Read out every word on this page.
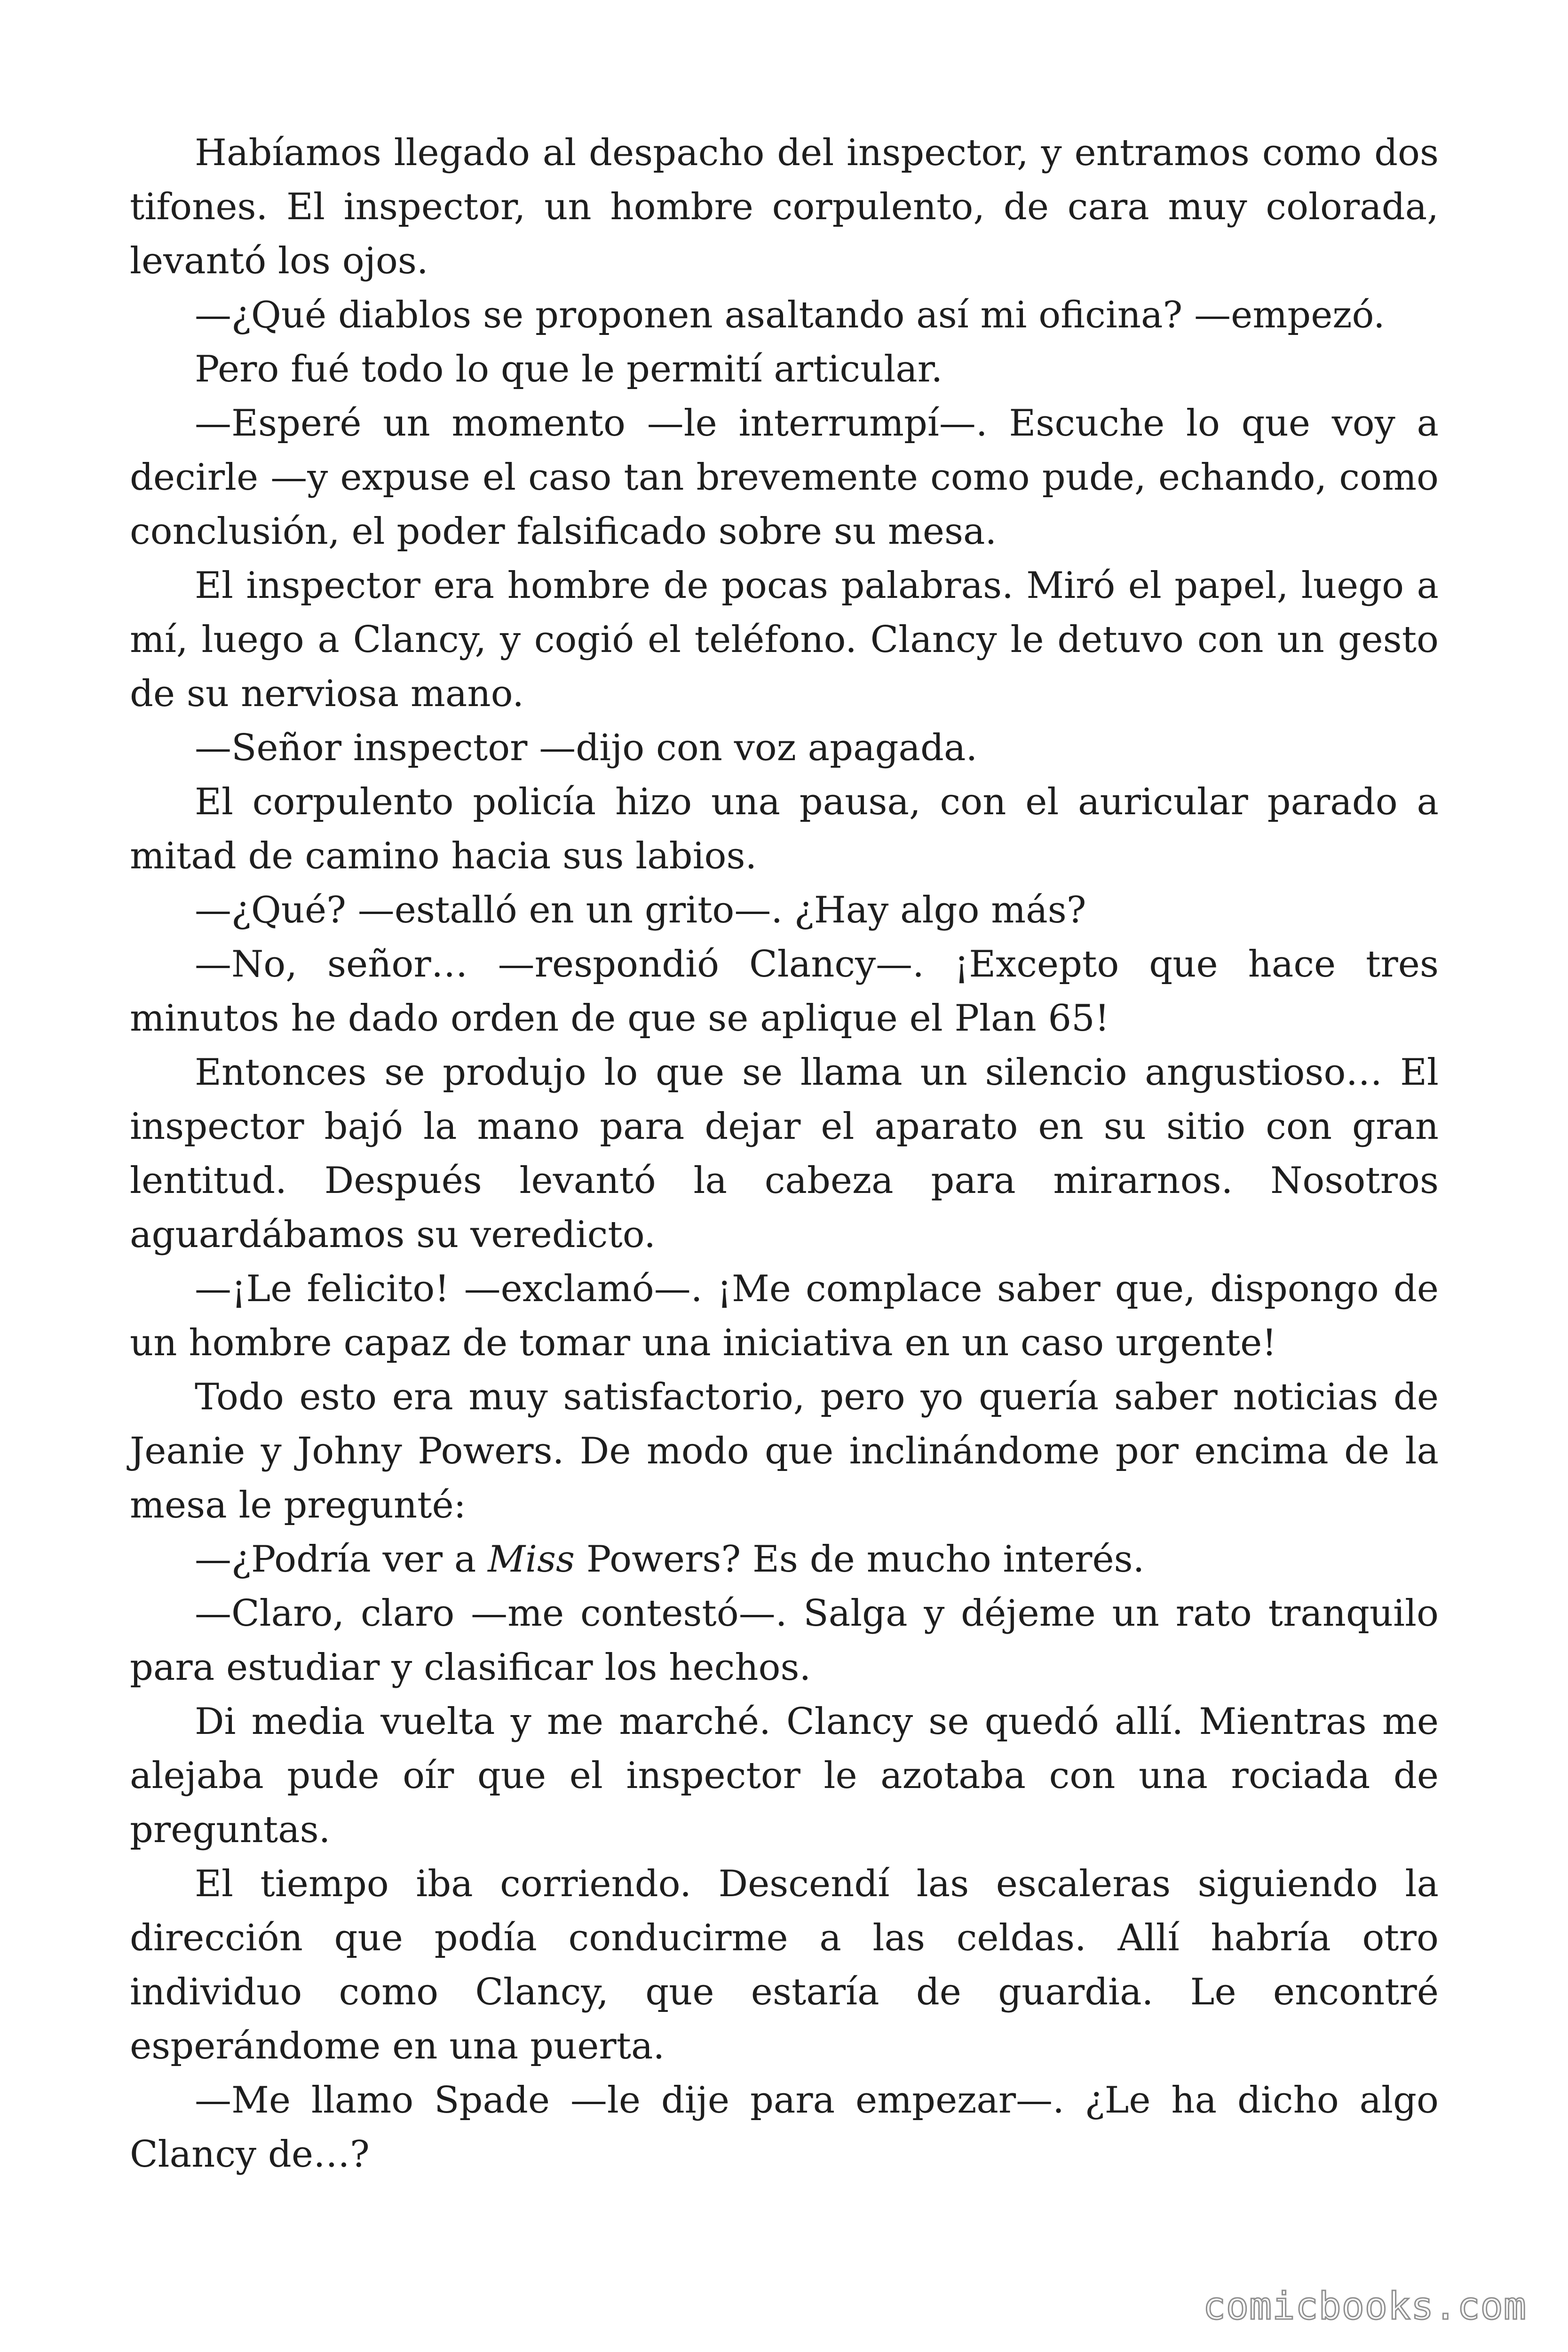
Habíamos llegado al despacho del inspector, y entramos como dos tifones. El inspector, un hombre corpulento, de cara muy colorada, levantó los ojos.

—¿Qué diablos se proponen asaltando así mi oficina? —empezó.

Pero fué todo lo que le permití articular.

—Esperé un momento —le interrumpí—. Escuche lo que voy a decirle —y expuse el caso tan brevemente como pude, echando, como conclusión, el poder falsificado sobre su mesa.

El inspector era hombre de pocas palabras. Miró el papel, luego a mí, luego a Clancy, y cogió el teléfono. Clancy le detuvo con un gesto de su nerviosa mano.

—Señor inspector —dijo con voz apagada.

El corpulento policía hizo una pausa, con el auricular parado a mitad de camino hacia sus labios.

—¿Qué? —estalló en un grito—. ¿Hay algo más?

—No, señor… —respondió Clancy—. ¡Excepto que hace tres minutos he dado orden de que se aplique el Plan 65!

Entonces se produjo lo que se llama un silencio angustioso… El inspector bajó la mano para dejar el aparato en su sitio con gran lentitud. Después levantó la cabeza para mirarnos. Nosotros aguardábamos su veredicto.

—¡Le felicito! —exclamó—. ¡Me complace saber que, dispongo de un hombre capaz de tomar una iniciativa en un caso urgente!

Todo esto era muy satisfactorio, pero yo quería saber noticias de Jeanie y Johny Powers. De modo que inclinándome por encima de la mesa le pregunté:

—¿Podría ver a Miss Powers? Es de mucho interés.

—Claro, claro —me contestó—. Salga y déjeme un rato tranquilo para estudiar y clasificar los hechos.

Di media vuelta y me marché. Clancy se quedó allí. Mientras me alejaba pude oír que el inspector le azotaba con una rociada de preguntas.

El tiempo iba corriendo. Descendí las escaleras siguiendo la dirección que podía conducirme a las celdas. Allí habría otro individuo como Clancy, que estaría de guardia. Le encontré esperándome en una puerta.

—Me llamo Spade —le dije para empezar—. ¿Le ha dicho algo Clancy de…?

comicbooks.com
